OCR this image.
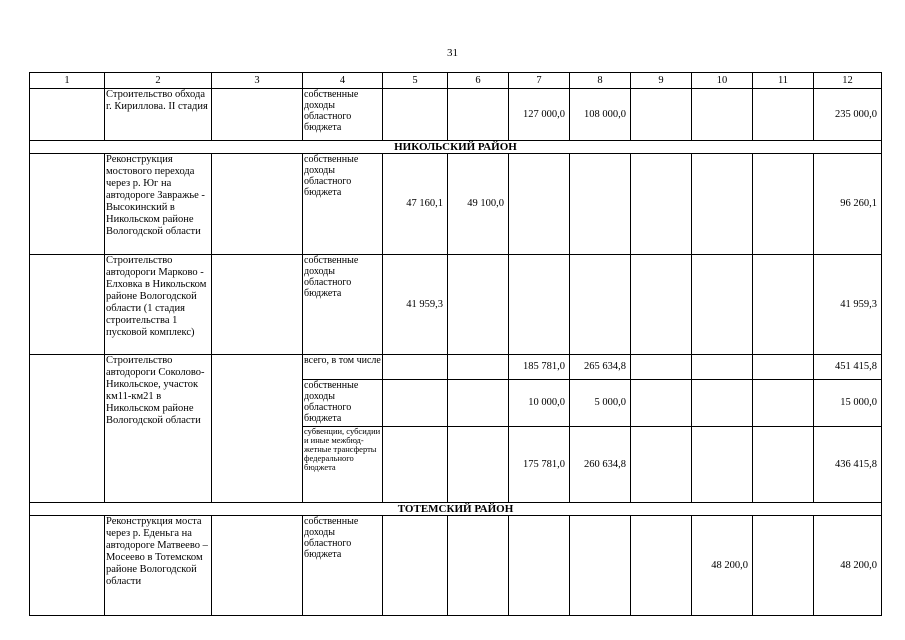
31
1	2	3	4	5	6	7	8	9	10	11	12
	Строительство обхода г. Кириллова. II стадия		собственные доходы областного бюджета			127 000,0	108 000,0				235 000,0
НИКОЛЬСКИЙ РАЙОН											
	Реконструкция мостового перехода через р. Юг на автодороге Завражье - Высокинский в Никольском районе Вологодской области		собственные доходы областного бюджета	47 160,1	49 100,0						96 260,1
	Строительство автодороги Марково - Елховка в Никольском районе Вологодской области (1 стадия строительства 1 пусковой комплекс)		собственные доходы областного бюджета	41 959,3							41 959,3
	Строительство автодороги Соколово-Никольское, участок км11-км21 в Никольском районе Вологодской области		всего, в том числе			185 781,0	265 634,8				451 415,8
			собственные доходы областного бюджета			10 000,0	5 000,0				15 000,0
			субвенции, субсидии и иные межбюд-жетные трансферты федерального бюджета			175 781,0	260 634,8				436 415,8
ТОТЕМСКИЙ РАЙОН											
	Реконструкция моста через р. Еденьга на автодороге Матвеево – Мосеево в Тотемском районе Вологодской области		собственные доходы областного бюджета						48 200,0		48 200,0
